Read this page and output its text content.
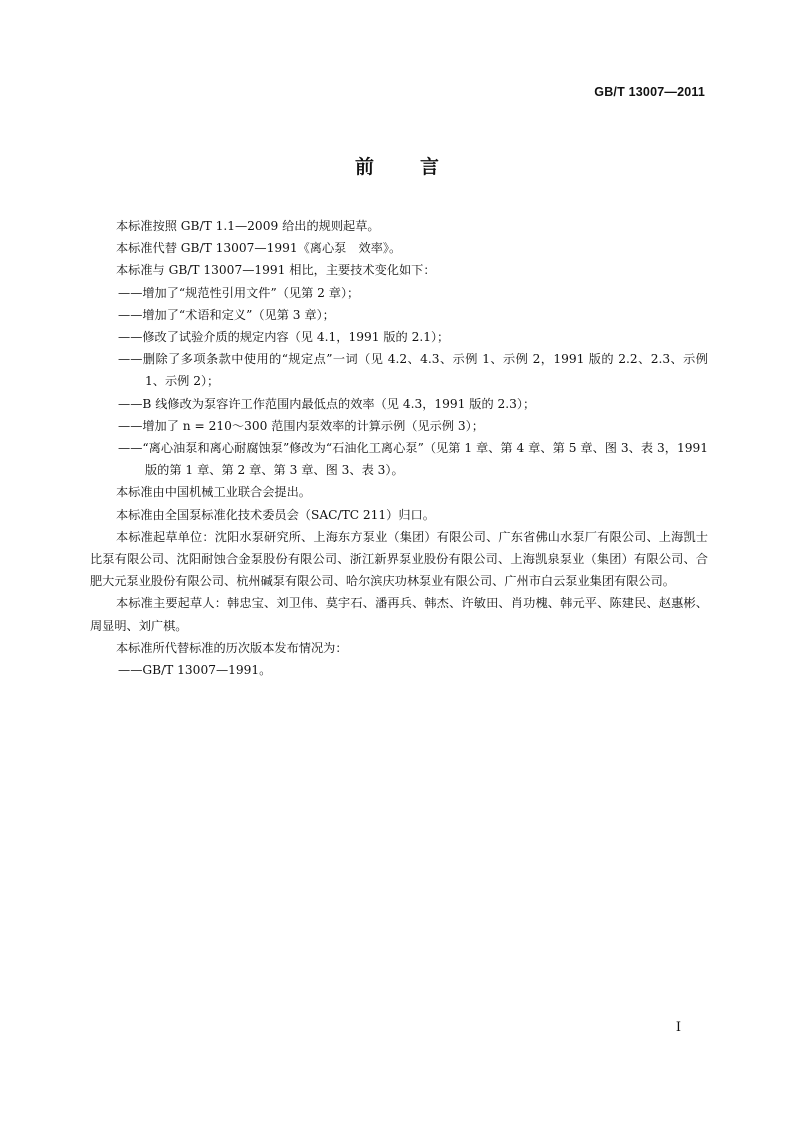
GB/T 13007—2011
前言

本标准按照 GB/T 1.1—2009 给出的规则起草。

本标准代替 GB/T 13007—1991《离心泵　效率》。

本标准与 GB/T 13007—1991 相比，主要技术变化如下：

——增加了“规范性引用文件”（见第 2 章）；

——增加了“术语和定义”（见第 3 章）；

——修改了试验介质的规定内容（见 4.1，1991 版的 2.1）；

——删除了多项条款中使用的“规定点”一词（见 4.2、4.3、示例 1、示例 2，1991 版的 2.2、2.3、示例 1、示例 2）；

——B 线修改为泵容许工作范围内最低点的效率（见 4.3，1991 版的 2.3）；

——增加了 n = 210～300 范围内泵效率的计算示例（见示例 3）；

——“离心油泵和离心耐腐蚀泵”修改为“石油化工离心泵”（见第 1 章、第 4 章、第 5 章、图 3、表 3，1991 版的第 1 章、第 2 章、第 3 章、图 3、表 3）。

本标准由中国机械工业联合会提出。

本标准由全国泵标准化技术委员会（SAC/TC 211）归口。

本标准起草单位：沈阳水泵研究所、上海东方泵业（集团）有限公司、广东省佛山水泵厂有限公司、上海凯士比泵有限公司、沈阳耐蚀合金泵股份有限公司、浙江新界泵业股份有限公司、上海凯泉泵业（集团）有限公司、合肥大元泵业股份有限公司、杭州碱泵有限公司、哈尔滨庆功林泵业有限公司、广州市白云泵业集团有限公司。

本标准主要起草人：韩忠宝、刘卫伟、莫宇石、潘再兵、韩杰、许敏田、肖功槐、韩元平、陈建民、赵惠彬、周显明、刘广棋。

本标准所代替标准的历次版本发布情况为：

——GB/T 13007—1991。

I
